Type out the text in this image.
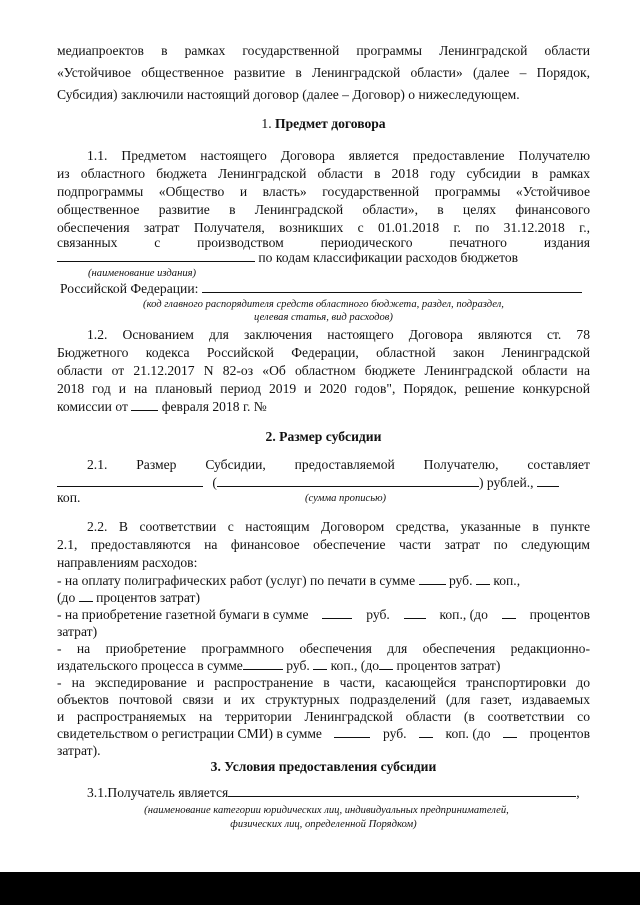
медиапроектов в рамках государственной программы Ленинградской области
«Устойчивое общественное развитие в Ленинградской области» (далее – Порядок,
Субсидия) заключили настоящий договор (далее – Договор) о нижеследующем.
1. Предмет договора
1.1. Предметом настоящего Договора является предоставление Получателю
из областного бюджета Ленинградской области в 2018 году субсидии в рамках
подпрограммы «Общество и власть» государственной программы «Устойчивое
общественное развитие в Ленинградской области», в целях финансового
обеспечения затрат Получателя, возникших с 01.01.2018 г. по 31.12.2018 г.,
связанных с производством периодического печатного издания
по кодам классификации расходов бюджетов
(наименование издания)
Российской Федерации:
(код главного распорядителя средств областного бюджета, раздел, подраздел,
целевая статья, вид расходов)
1.2. Основанием для заключения настоящего Договора являются ст. 78
Бюджетного кодекса Российской Федерации, областной закон Ленинградской
области от 21.12.2017 N 82-оз «Об областном бюджете Ленинградской области на
2018 год и на плановый период 2019 и 2020 годов", Порядок, решение конкурсной
комиссии от февраля 2018 г. №
2. Размер субсидии
2.1. Размер Субсидии, предоставляемой Получателю, составляет
(	) рублей.,
коп.	(сумма прописью)
2.2. В соответствии с настоящим Договором средства, указанные в пункте
2.1, предоставляются на финансовое обеспечение части затрат по следующим
направлениям расходов:
- на оплату полиграфических работ (услуг) по печати в сумме руб. коп.,
(до процентов затрат)
- на приобретение газетной бумаги в сумме	руб.	коп., (до	процентов
затрат)
- на приобретение программного обеспечения для обеспечения редакционно-
издательского процесса в сумме	руб. коп., (до процентов затрат)
- на экспедирование и распространение в части, касающейся транспортировки до
объектов почтовой связи и их структурных подразделений (для газет, издаваемых
и распространяемых на территории Ленинградской области (в соответствии со
свидетельством о регистрации СМИ) в сумме	руб.	коп. (до	процентов
затрат).
3. Условия предоставления субсидии
3.1.Получатель является	,
(наименование категории юридических лиц, индивидуальных предпринимателей,
физических лиц, определенной Порядком)
